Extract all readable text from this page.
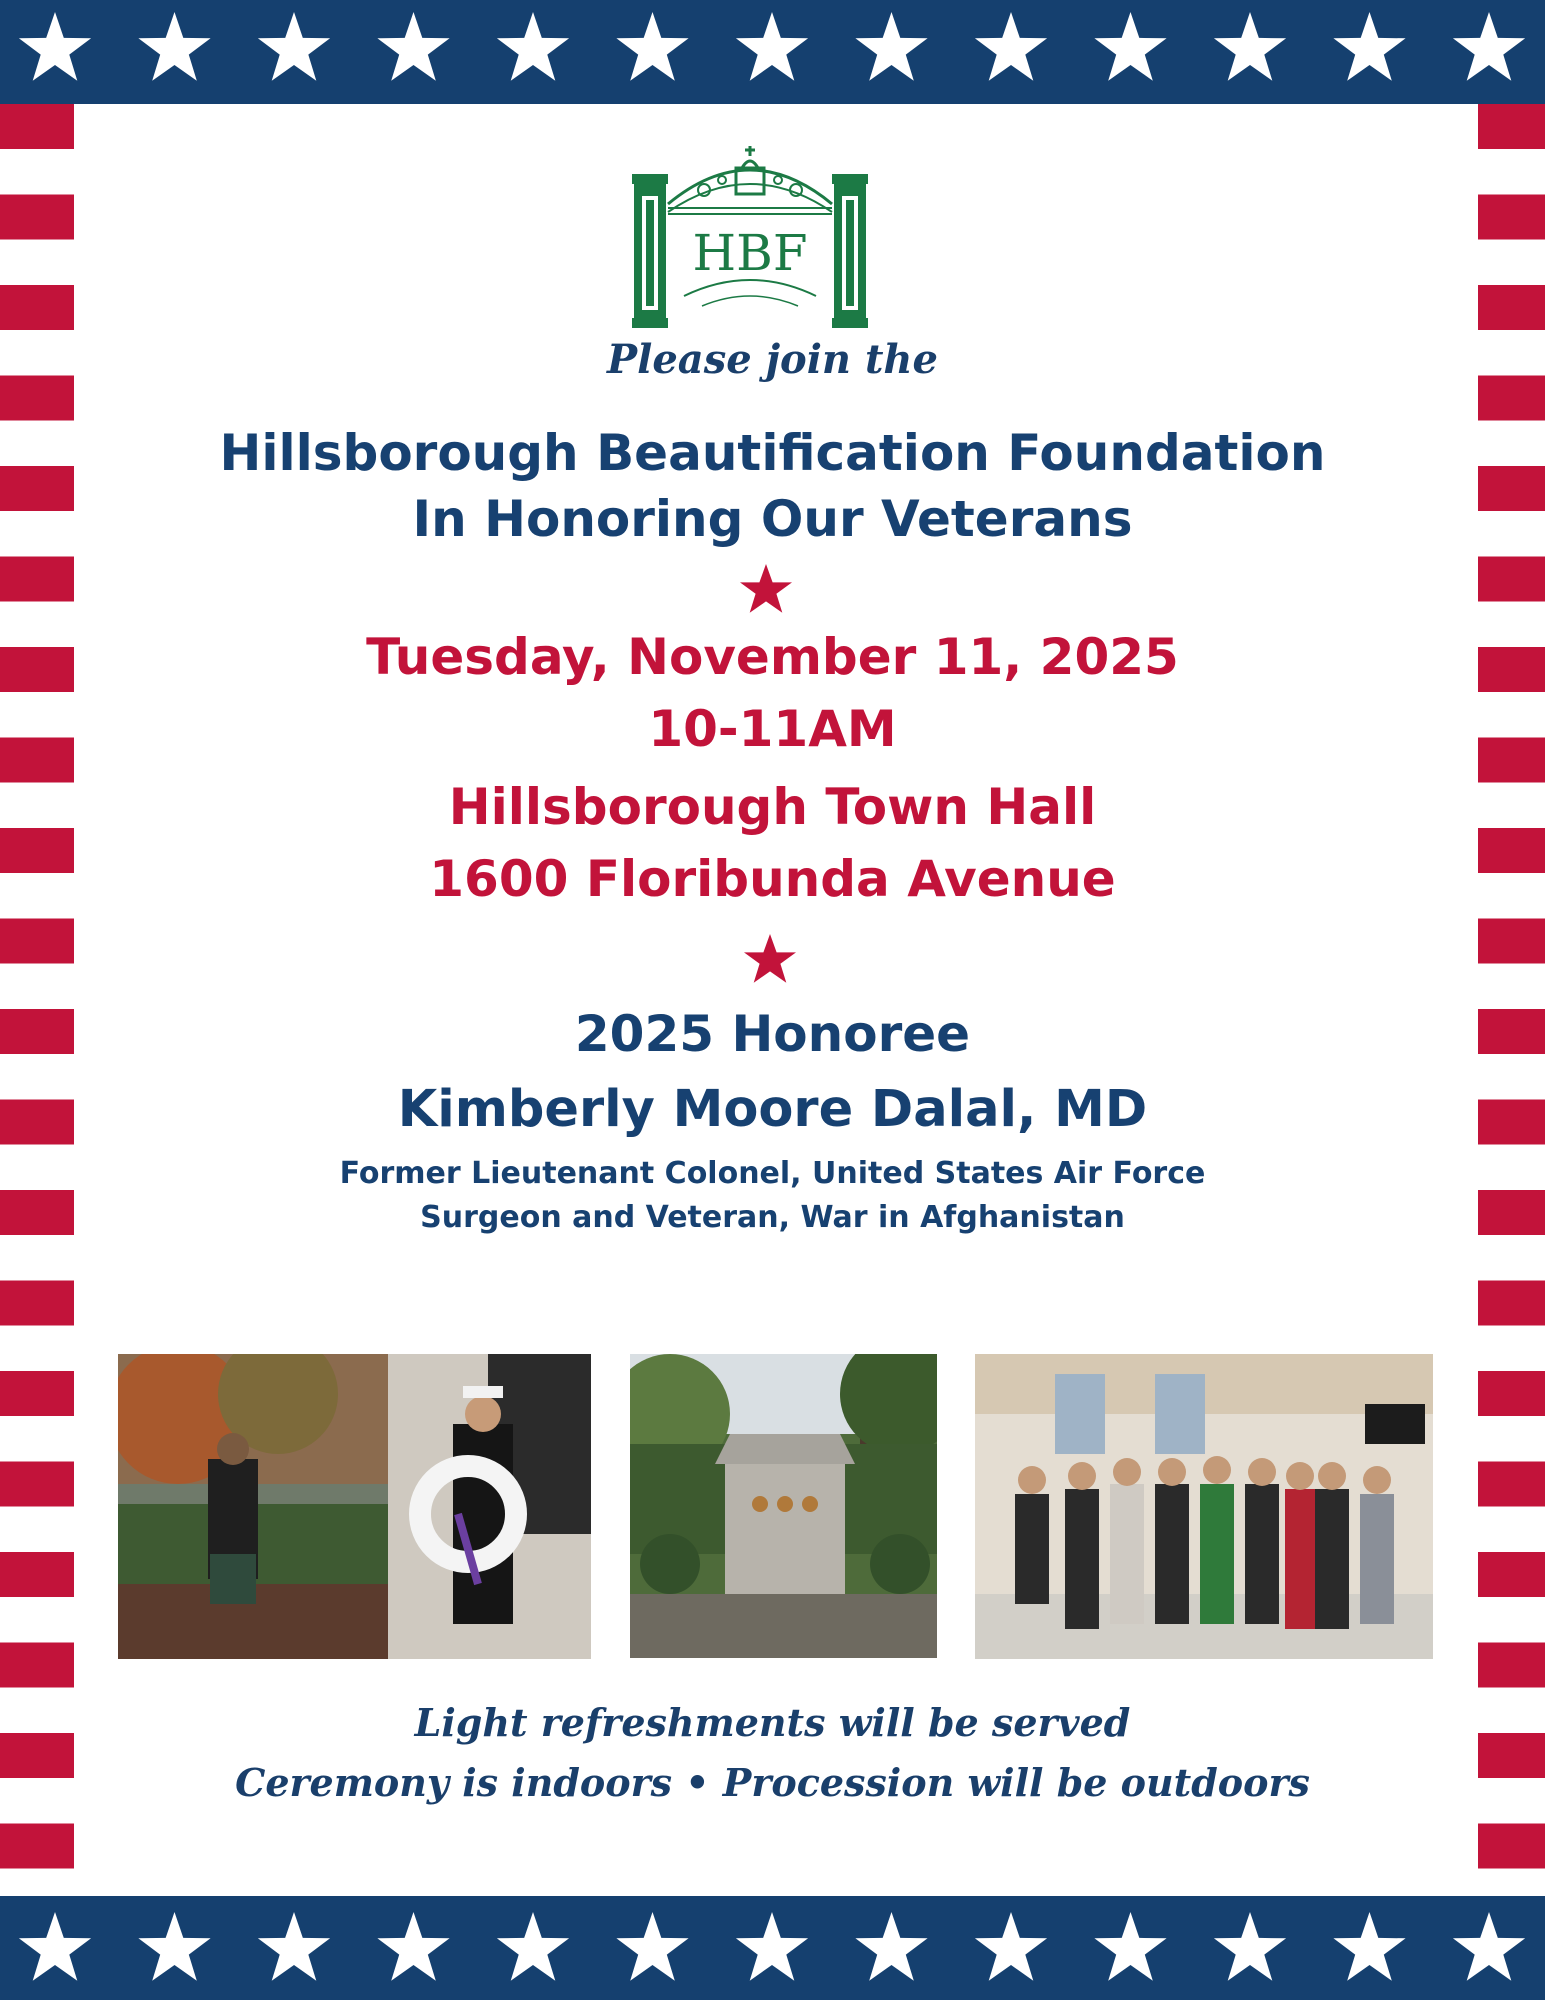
HBF

Please join the

Hillsborough Beautification Foundation

In Honoring Our Veterans

Tuesday, November 11, 2025

10-11AM

Hillsborough Town Hall

1600 Floribunda Avenue

2025 Honoree

Kimberly Moore Dalal, MD

Former Lieutenant Colonel, United States Air Force

Surgeon and Veteran, War in Afghanistan

Light refreshments will be served

Ceremony is indoors • Procession will be outdoors
